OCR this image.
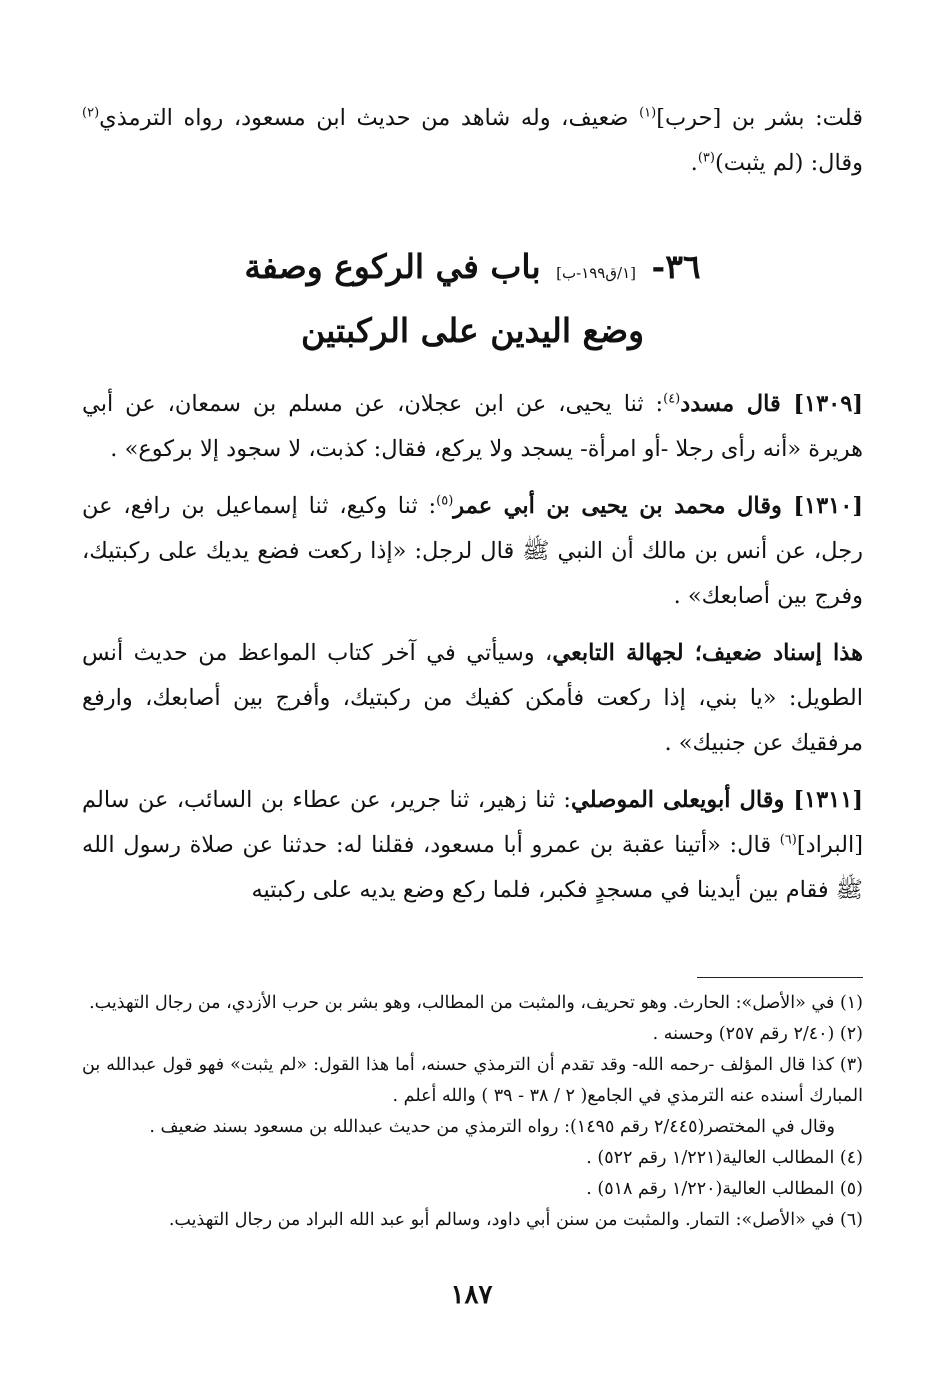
قلت: بشر بن [حرب]$^{(١)}$ ضعيف، وله شاهد من حديث ابن مسعود، رواه الترمذي$^{(٢)}$ وقال: (لم يثبت)$^{(٣)}$.

٣٦- [١/ق١٩٩-ب] باب في الركوع وصفة
وضع اليدين على الركبتين

[١٣٠٩] قال مسدد$^{(٤)}$: ثنا يحيى، عن ابن عجلان، عن مسلم بن سمعان، عن أبي هريرة «أنه رأى رجلا -أو امرأة- يسجد ولا يركع، فقال: كذبت، لا سجود إلا بركوع» .

[١٣١٠] وقال محمد بن يحيى بن أبي عمر$^{(٥)}$: ثنا وكيع، ثنا إسماعيل بن رافع، عن رجل، عن أنس بن مالك أن النبي ﷺ قال لرجل: «إذا ركعت فضع يديك على ركبتيك، وفرج بين أصابعك» .

هذا إسناد ضعيف؛ لجهالة التابعي، وسيأتي في آخر كتاب المواعظ من حديث أنس الطويل: «يا بني، إذا ركعت فأمكن كفيك من ركبتيك، وأفرج بين أصابعك، وارفع مرفقيك عن جنبيك» .

[١٣١١] وقال أبويعلى الموصلي: ثنا زهير، ثنا جرير، عن عطاء بن السائب، عن سالم [البراد]$^{(٦)}$ قال: «أتينا عقبة بن عمرو أبا مسعود، فقلنا له: حدثنا عن صلاة رسول الله ﷺ فقام بين أيدينا في مسجدٍ فكبر، فلما ركع وضع يديه على ركبتيه

(١) في «الأصل»: الحارث. وهو تحريف، والمثبت من المطالب، وهو بشر بن حرب الأزدي، من رجال التهذيب.

(٢) (٢/٤٠ رقم ٢٥٧) وحسنه .

(٣) كذا قال المؤلف -رحمه الله- وقد تقدم أن الترمذي حسنه، أما هذا القول: «لم يثبت» فهو قول عبدالله بن المبارك أسنده عنه الترمذي في الجامع( ٢ / ٣٨ - ٣٩ ) والله أعلم .

وقال في المختصر(٢/٤٤٥ رقم ١٤٩٥): رواه الترمذي من حديث عبدالله بن مسعود بسند ضعيف .

(٤) المطالب العالية(١/٢٢١ رقم ٥٢٢) .

(٥) المطالب العالية(١/٢٢٠ رقم ٥١٨) .

(٦) في «الأصل»: التمار. والمثبت من سنن أبي داود، وسالم أبو عبد الله البراد من رجال التهذيب.

١٨٧
